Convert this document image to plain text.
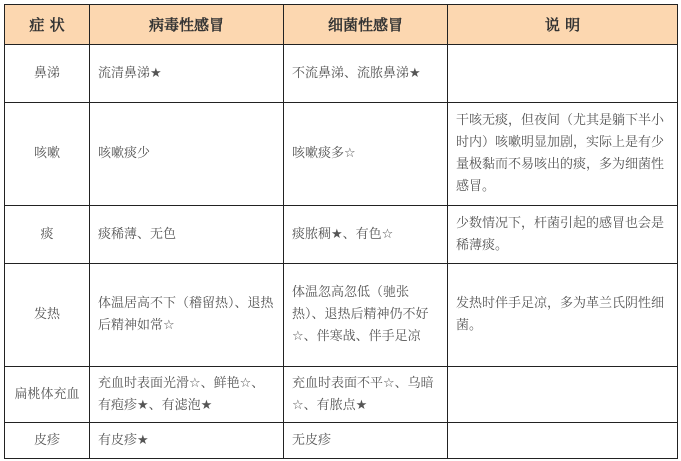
症 状	病毒性感冒	细菌性感冒	说 明
鼻涕	流清鼻涕★	不流鼻涕、流脓鼻涕★	
咳嗽	咳嗽痰少	咳嗽痰多☆	干咳无痰，但夜间（尤其是躺下半小时内）咳嗽明显加剧，实际上是有少量极黏而不易咳出的痰，多为细菌性感冒。
痰	痰稀薄、无色	痰脓稠★、有色☆	少数情况下，杆菌引起的感冒也会是稀薄痰。
发热	体温居高不下（稽留热）、退热后精神如常☆	体温忽高忽低（驰张热）、退热后精神仍不好☆、伴寒战、伴手足凉	发热时伴手足凉，多为革兰氏阴性细菌。
扁桃体充血	充血时表面光滑☆、鲜艳☆、有疱疹★、有滤泡★	充血时表面不平☆、乌暗☆、有脓点★	
皮疹	有皮疹★	无皮疹	
